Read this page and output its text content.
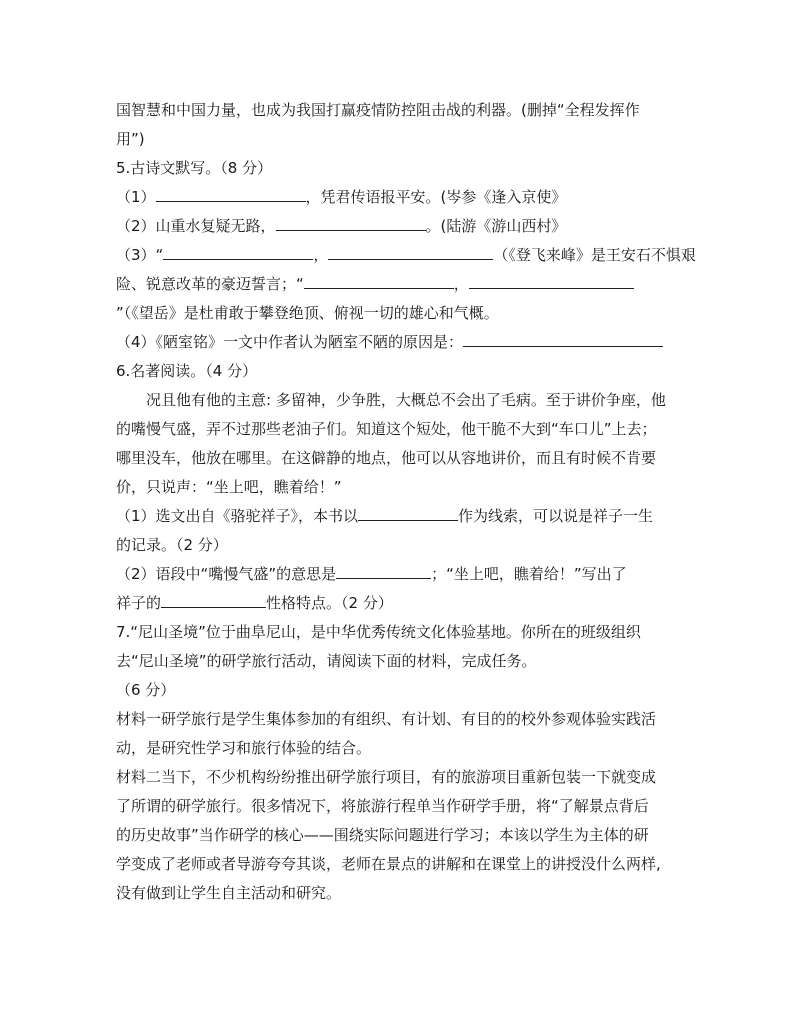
国智慧和中国力量，也成为我国打赢疫情防控阻击战的利器。(删掉“全程发挥作
用”)
5.古诗文默写。（8 分）
（1）	，凭君传语报平安。(岑参《逢入京使》
（2）山重水复疑无路，	。(陆游《游山西村》
（3）“	，	（《登飞来峰》是王安石不惧艰
险、锐意改革的豪迈誓言；“	，
”（《望岳》是杜甫敢于攀登绝顶、俯视一切的雄心和气概。
（4）《陋室铭》一文中作者认为陋室不陋的原因是：
6.名著阅读。（4 分）
况且他有他的主意: 多留神，少争胜，大概总不会出了毛病。至于讲价争座，他
的嘴慢气盛，弄不过那些老油子们。知道这个短处，他干脆不大到“车口儿”上去；
哪里没车，他放在哪里。在这僻静的地点，他可以从容地讲价，而且有时候不肯要
价，只说声：“坐上吧，瞧着给！”
（1）选文出自《骆驼祥子》，本书以	作为线索，可以说是祥子一生
的记录。（2 分）
（2）语段中“嘴慢气盛”的意思是	；“坐上吧，瞧着给！”写出了
祥子的	性格特点。（2 分）
7.“尼山圣境”位于曲阜尼山，是中华优秀传统文化体验基地。你所在的班级组织
去“尼山圣境”的研学旅行活动，请阅读下面的材料，完成任务。
（6 分）
材料一研学旅行是学生集体参加的有组织、有计划、有目的的校外参观体验实践活
动，是研究性学习和旅行体验的结合。
材料二当下，不少机构纷纷推出研学旅行项目，有的旅游项目重新包装一下就变成
了所谓的研学旅行。很多情况下，将旅游行程单当作研学手册，将“了解景点背后
的历史故事”当作研学的核心——围绕实际问题进行学习；本该以学生为主体的研
学变成了老师或者导游夸夸其谈，老师在景点的讲解和在课堂上的讲授没什么两样,
没有做到让学生自主活动和研究。
